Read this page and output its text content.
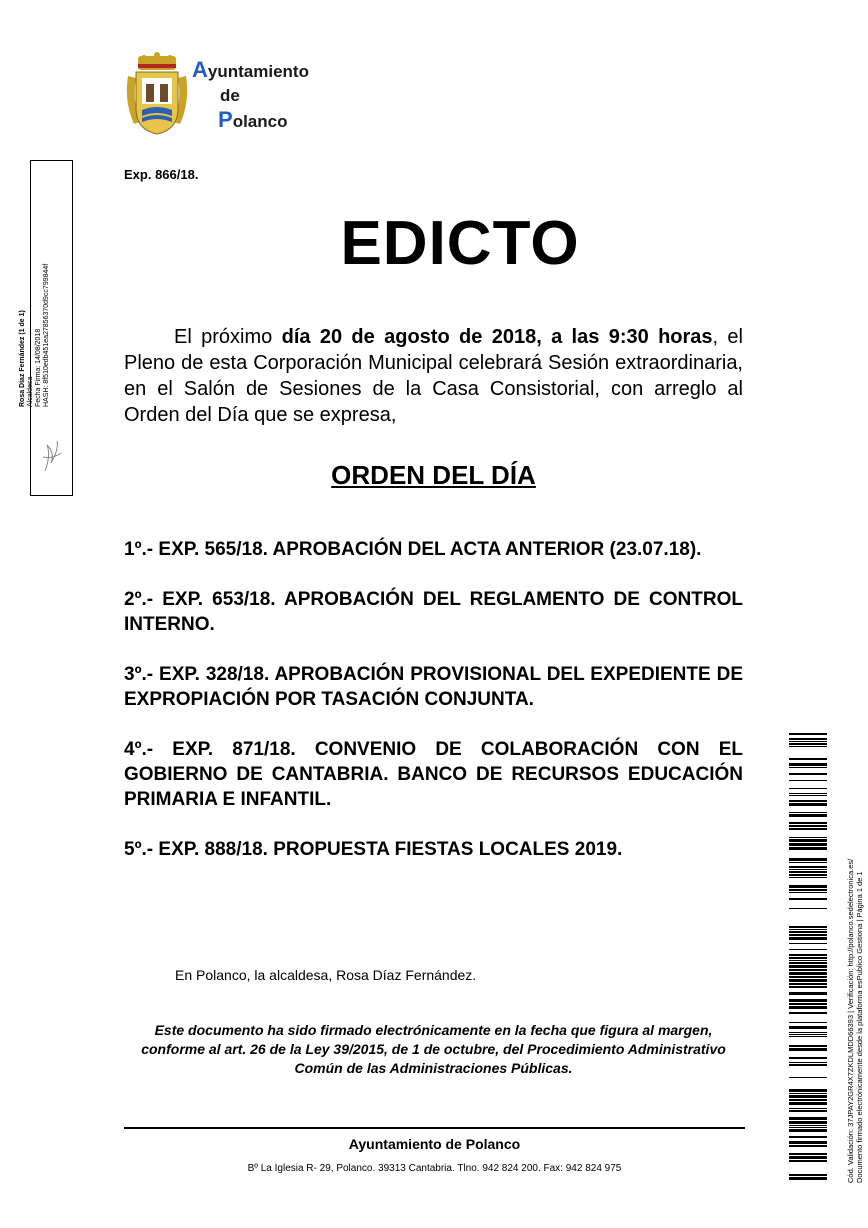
Ayuntamiento
de
Polanco
Rosa Díaz Fernández (1 de 1) Alcaldesa Fecha Firma: 14/08/2018 HASH: 8f510edb451ea27856370d9cc799844f
Exp. 866/18.
EDICTO
El próximo día 20 de agosto de 2018, a las 9:30 horas, el Pleno de esta Corporación Municipal celebrará Sesión extraordinaria, en el Salón de Sesiones de la Casa Consistorial, con arreglo al Orden del Día que se expresa,
ORDEN DEL DÍA
1º.- EXP. 565/18. APROBACIÓN DEL ACTA ANTERIOR (23.07.18).
2º.- EXP. 653/18. APROBACIÓN DEL REGLAMENTO DE CONTROL INTERNO.
3º.- EXP. 328/18. APROBACIÓN PROVISIONAL DEL EXPEDIENTE DE EXPROPIACIÓN POR TASACIÓN CONJUNTA.
4º.- EXP. 871/18. CONVENIO DE COLABORACIÓN CON EL GOBIERNO DE CANTABRIA. BANCO DE RECURSOS EDUCACIÓN PRIMARIA E INFANTIL.
5º.- EXP. 888/18. PROPUESTA FIESTAS LOCALES 2019.
En Polanco, la alcaldesa, Rosa Díaz Fernández.
Este documento ha sido firmado electrónicamente en la fecha que figura al margen, conforme al art. 26 de la Ley 39/2015, de 1 de octubre, del Procedimiento Administrativo Común de las Administraciones Públicas.
Ayuntamiento de Polanco
Bº La Iglesia R- 29, Polanco. 39313 Cantabria. Tlno. 942 824 200. Fax: 942 824 975	Cód. Validación: 37JPAY2GR4X7ZKDLMDD66393 | Verificación: http://polanco.sedelectronica.es/ Documento firmado electrónicamente desde la plataforma esPublico Gestiona | Página 1 de 1
